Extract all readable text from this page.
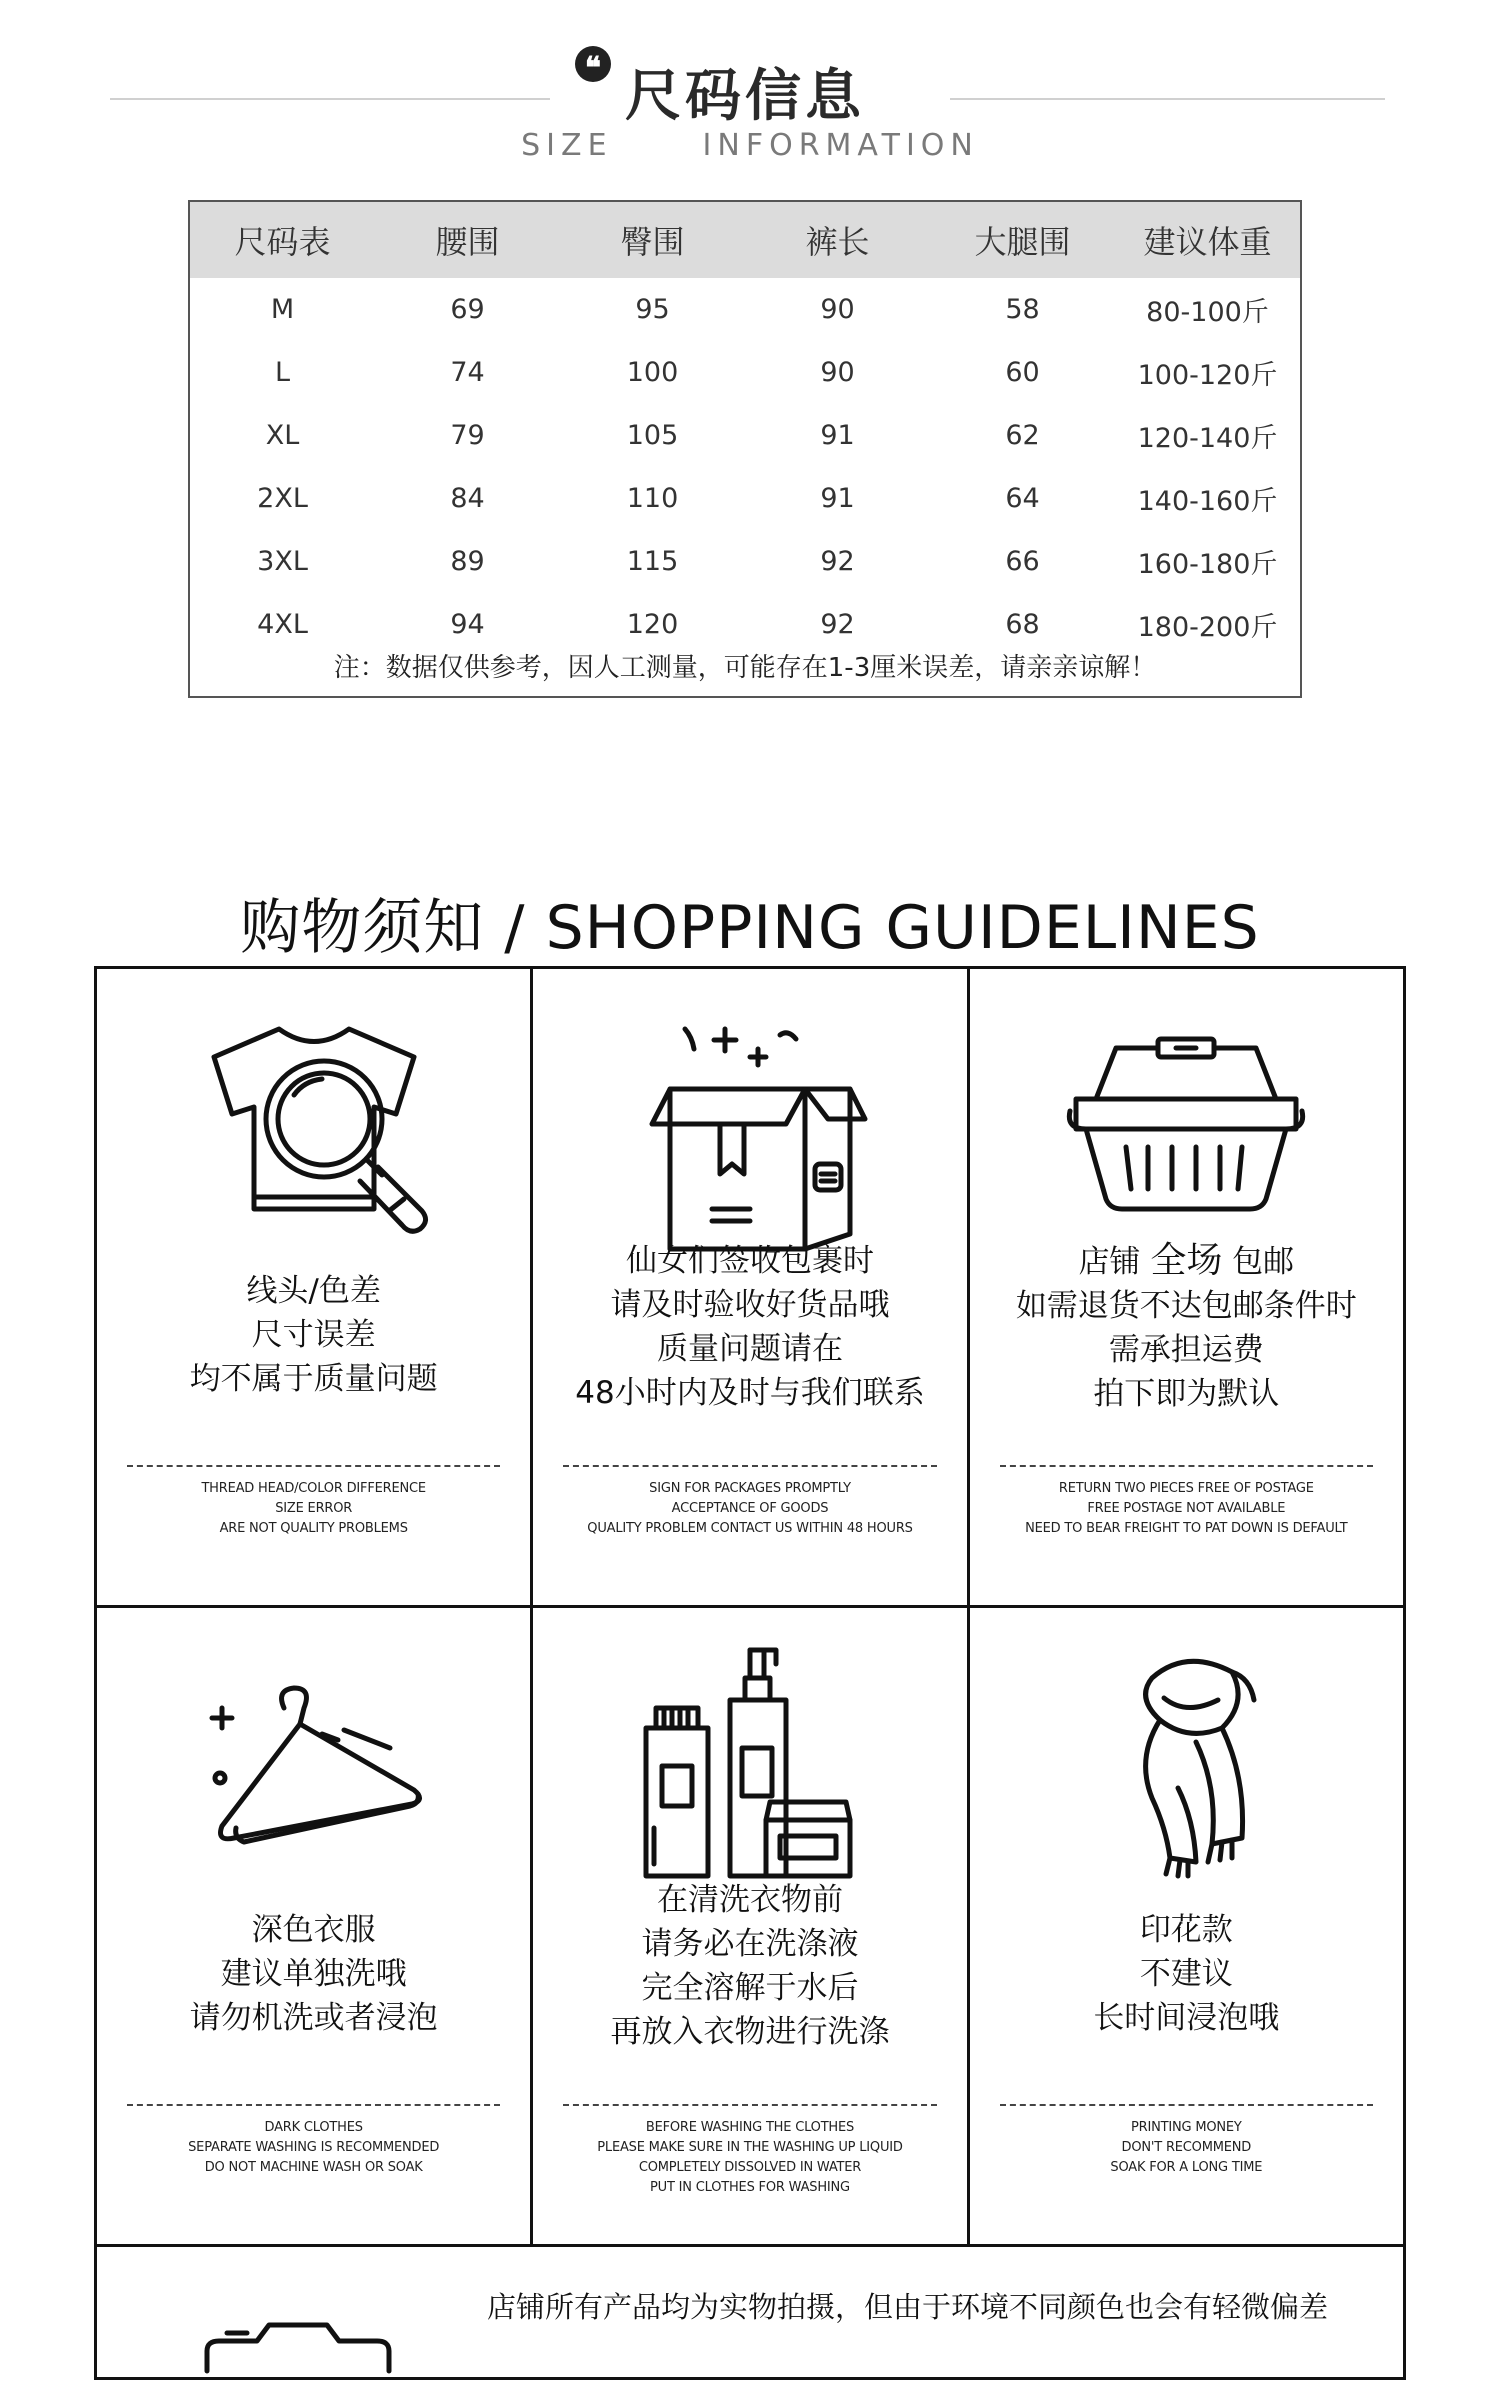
❝ 尺码信息
SIZE	INFORMATION
尺码表	腰围	臀围	裤长	大腿围	建议体重
M	69	95	90	58	80-100斤
L	74	100	90	60	100-120斤
XL	79	105	91	62	120-140斤
2XL	84	110	91	64	140-160斤
3XL	89	115	92	66	160-180斤
4XL	94	120	92	68	180-200斤
注：数据仅供参考，因人工测量，可能存在1-3厘米误差，请亲亲谅解！
购物须知 / SHOPPING GUIDELINES
线头/色差
尺寸误差
均不属于质量问题
THREAD HEAD/COLOR DIFFERENCE
SIZE ERROR
ARE NOT QUALITY PROBLEMS
仙女们签收包裹时
请及时验收好货品哦
质量问题请在
48小时内及时与我们联系
SIGN FOR PACKAGES PROMPTLY
ACCEPTANCE OF GOODS
QUALITY PROBLEM CONTACT US WITHIN 48 HOURS
店铺 全场 包邮
如需退货不达包邮条件时
需承担运费
拍下即为默认
RETURN TWO PIECES FREE OF POSTAGE
FREE POSTAGE NOT AVAILABLE
NEED TO BEAR FREIGHT TO PAT DOWN IS DEFAULT
深色衣服
建议单独洗哦
请勿机洗或者浸泡
DARK CLOTHES
SEPARATE WASHING IS RECOMMENDED
DO NOT MACHINE WASH OR SOAK
在清洗衣物前
请务必在洗涤液
完全溶解于水后
再放入衣物进行洗涤
BEFORE WASHING THE CLOTHES
PLEASE MAKE SURE IN THE WASHING UP LIQUID
COMPLETELY DISSOLVED IN WATER
PUT IN CLOTHES FOR WASHING
印花款
不建议
长时间浸泡哦
PRINTING MONEY
DON'T RECOMMEND
SOAK FOR A LONG TIME
店铺所有产品均为实物拍摄，但由于环境不同颜色也会有轻微偏差
